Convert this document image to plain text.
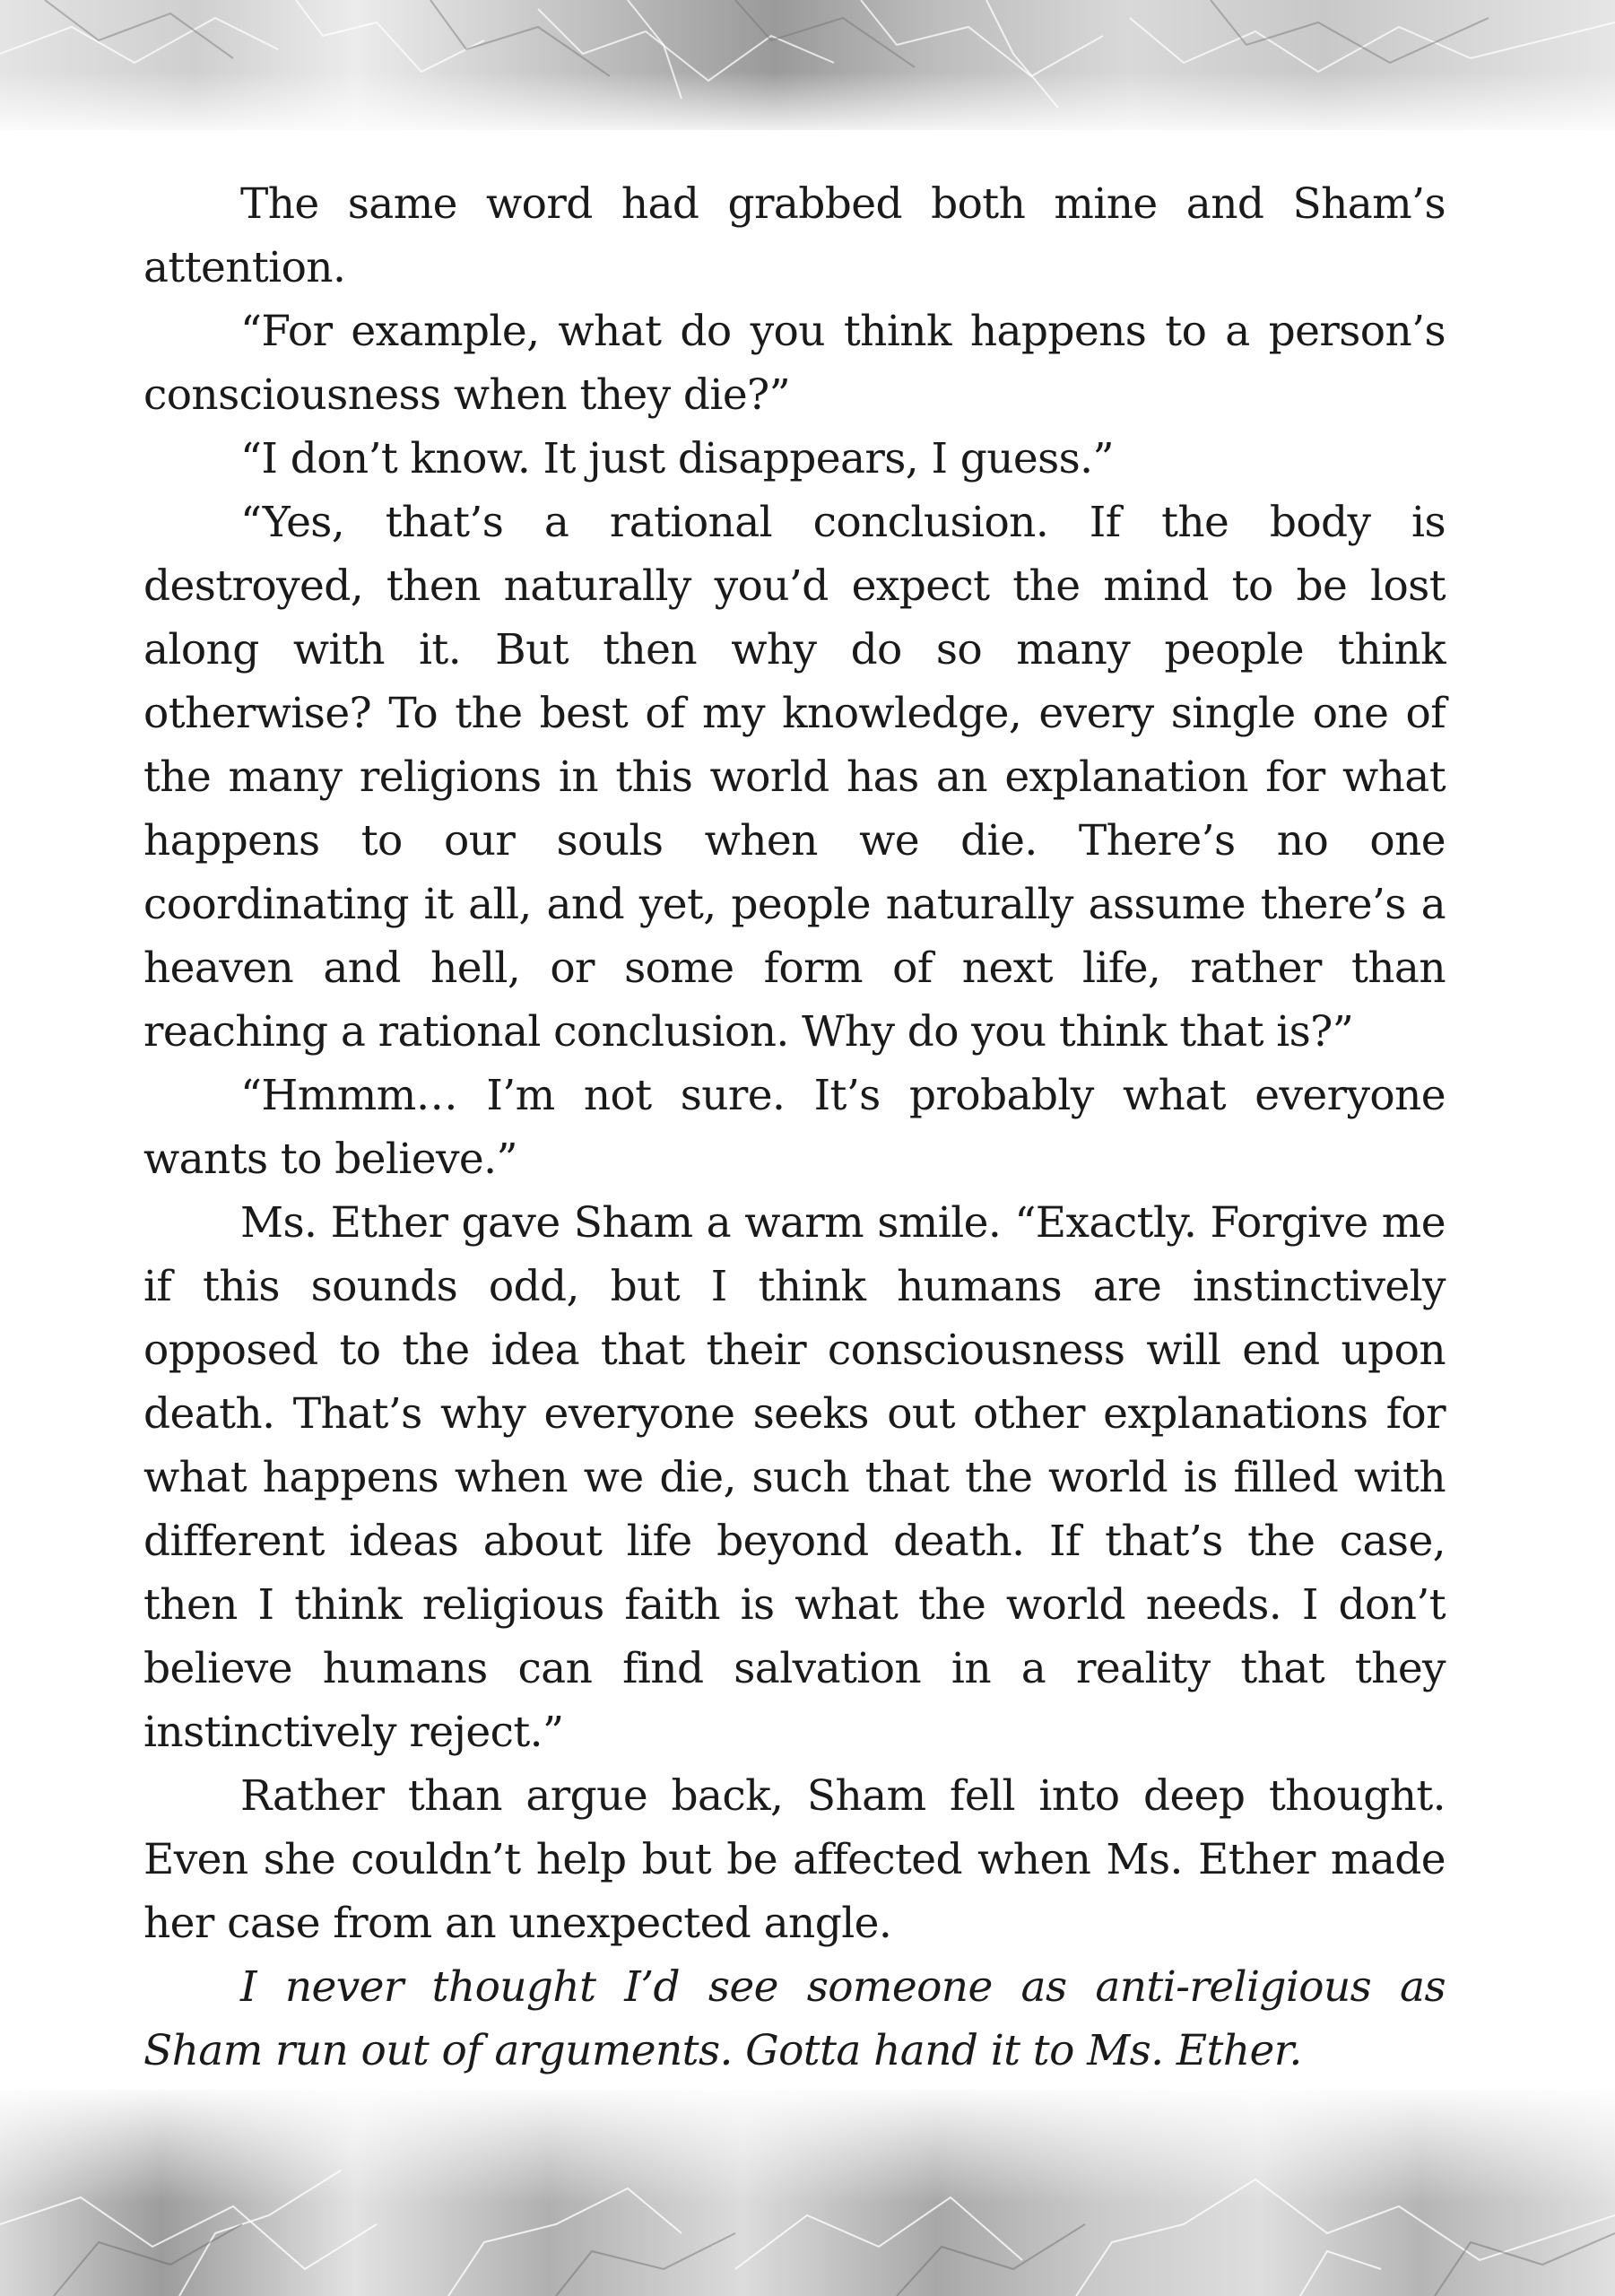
The same word had grabbed both mine and Sham’s attention.

“For example, what do you think happens to a person’s consciousness when they die?”

“I don’t know. It just disappears, I guess.”

“Yes, that’s a rational conclusion. If the body is destroyed, then naturally you’d expect the mind to be lost along with it. But then why do so many people think otherwise? To the best of my knowledge, every single one of the many religions in this world has an explanation for what happens to our souls when we die. There’s no one coordinating it all, and yet, people naturally assume there’s a heaven and hell, or some form of next life, rather than reaching a rational conclusion. Why do you think that is?”

“Hmmm… I’m not sure. It’s probably what everyone wants to believe.”

Ms. Ether gave Sham a warm smile. “Exactly. Forgive me if this sounds odd, but I think humans are instinctively opposed to the idea that their consciousness will end upon death. That’s why everyone seeks out other explanations for what happens when we die, such that the world is filled with different ideas about life beyond death. If that’s the case, then I think religious faith is what the world needs. I don’t believe humans can find salvation in a reality that they instinctively reject.”

Rather than argue back, Sham fell into deep thought. Even she couldn’t help but be affected when Ms. Ether made her case from an unexpected angle.

I never thought I’d see someone as anti-religious as Sham run out of arguments. Gotta hand it to Ms. Ether.
